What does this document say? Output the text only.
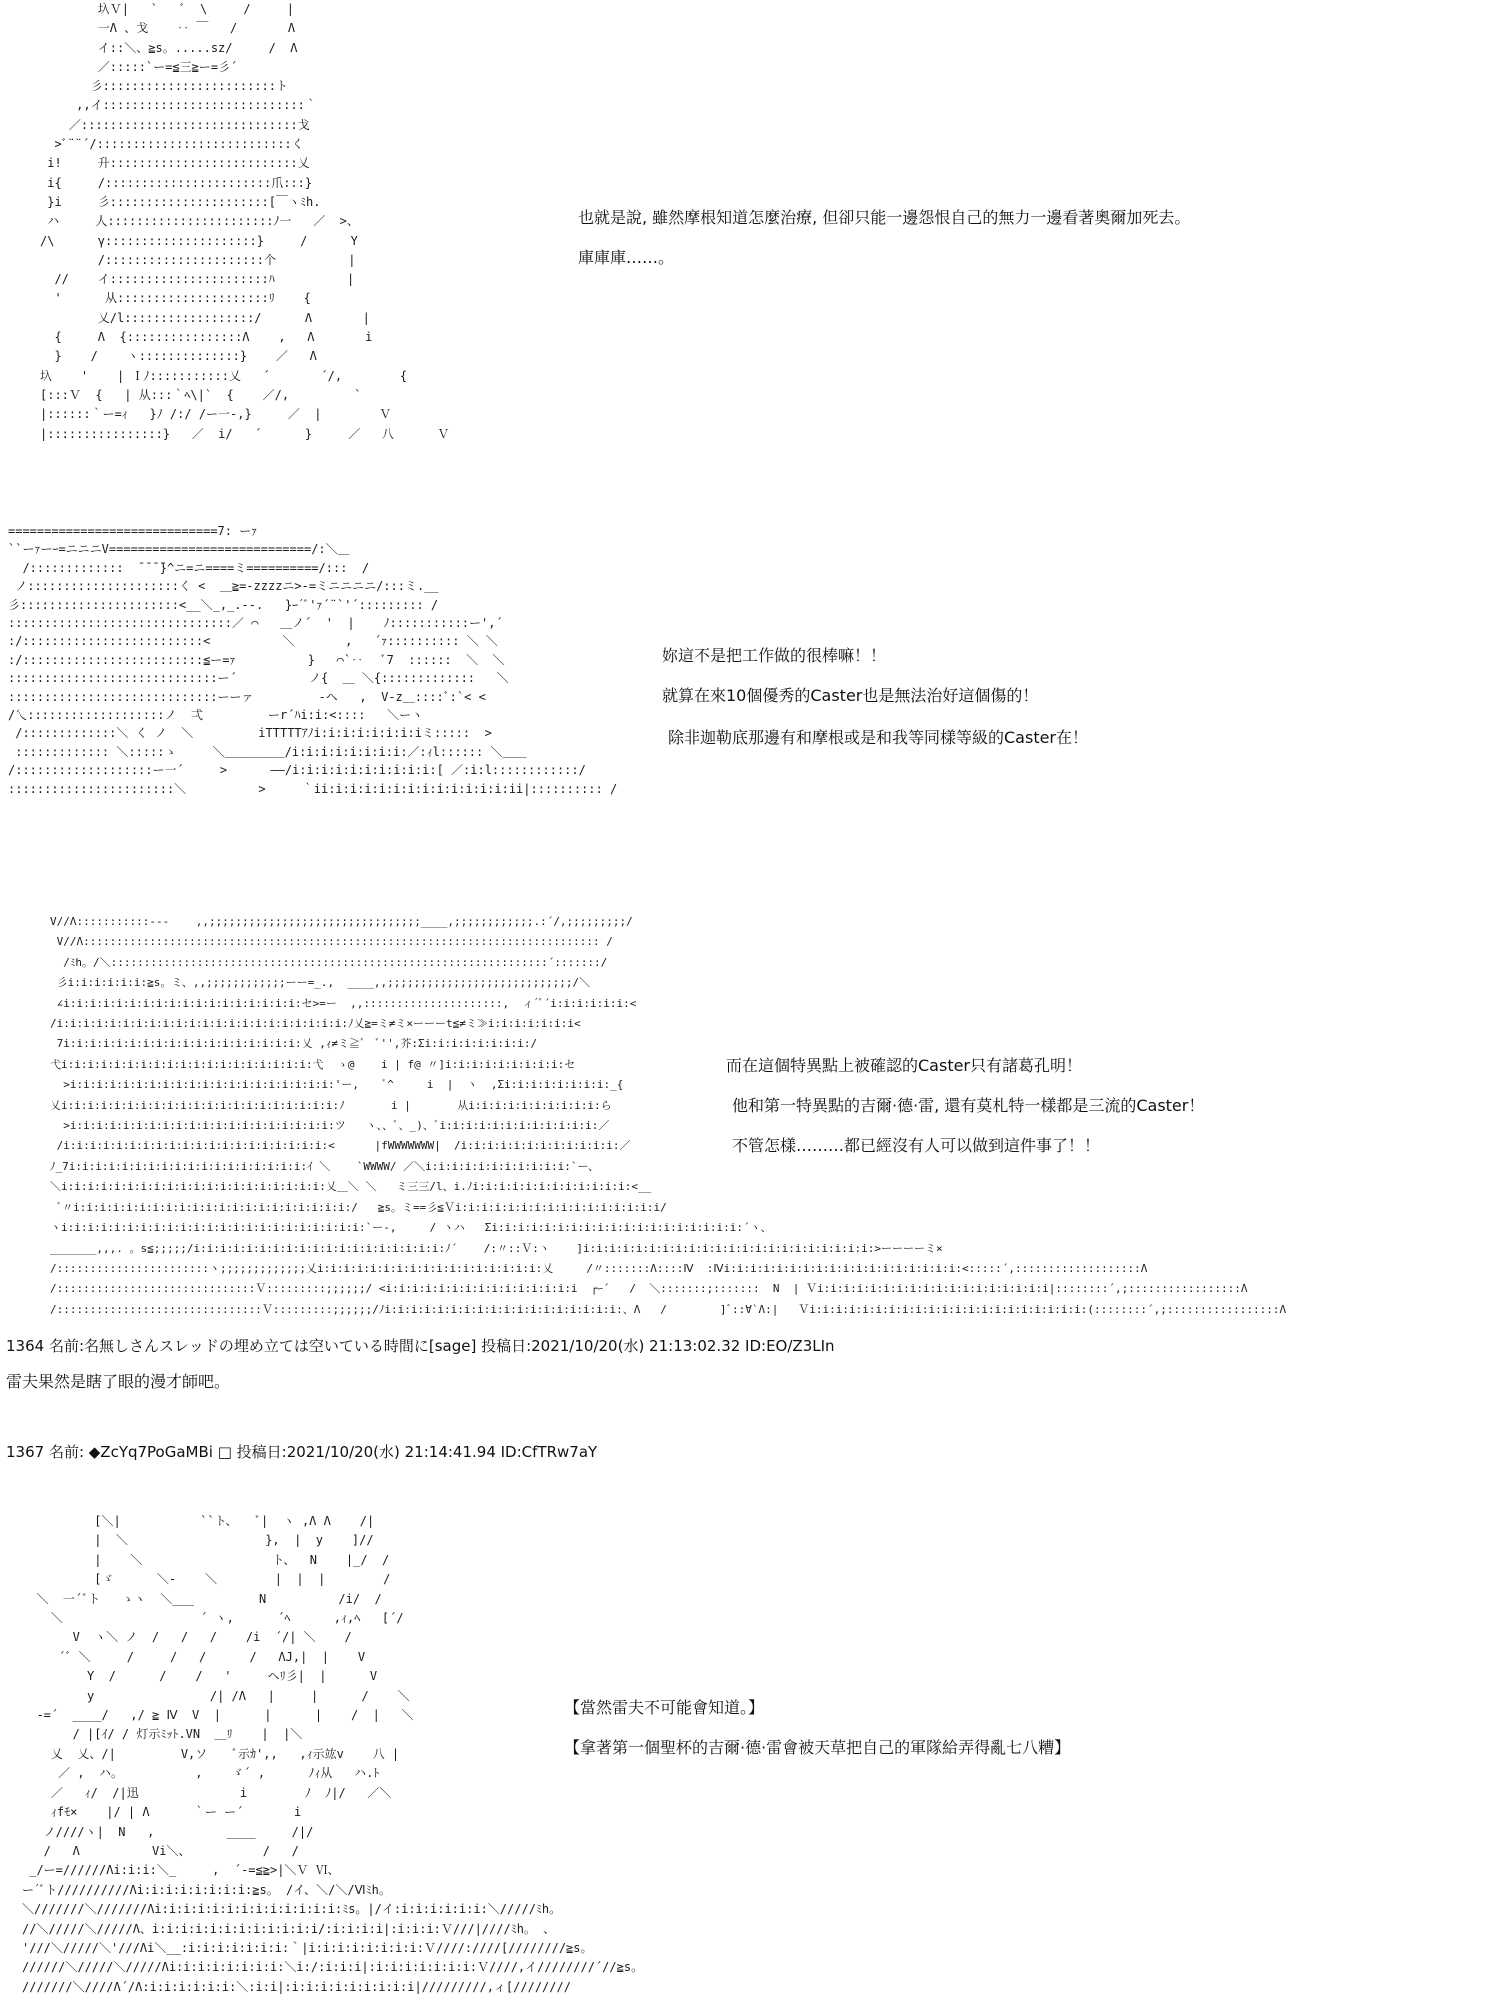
圦Ｖ|   `   ﾞ  \     /     |
一Λ 、戈    ‥ ￣   /       Λ
イ::＼、≧s。.....sz/     /  Λ
／:::::`ー=≦三≧ー=彡´
彡::::::::::::::::::::::::ト
,,イ::::::::::::::::::::::::::::｀
／::::::::::::::::::::::::::::::戈
>ﾞ¨¨´/:::::::::::::::::::::::::::く
i!     升::::::::::::::::::::::::::乂
i{     /:::::::::::::::::::::::爪:::}
}i     彡::::::::::::::::::::::[￣ヽﾐh.
ハ     人:::::::::::::::::::::::ﾉ一   ／  >、
/\      γ:::::::::::::::::::::}     /      Y
/::::::::::::::::::::::个          |
//    イ::::::::::::::::::::::ﾊ          |
'      从:::::::::::::::::::::ﾘ    {
乂/l::::::::::::::::::/      Λ       |
{     Λ  {::::::::::::::::Λ    ,   Λ       i
}    /    ヽ::::::::::::::}    ／   Λ
圦    '    | Ｉﾉ:::::::::::乂   ´       ´/,        {
[:::Ｖ  {   | 从:::｀ﾍ\|`  {    ／/,         `
|::::::｀ー=ｨ   }ﾉ /:/ /ー一-,}     ／  |        Ｖ
|::::::::::::::::}   ／  i/   ´      }     ／   八      Ｖ
也就是說, 雖然摩根知道怎麼治療, 但卻只能一邊怨恨自己的無力一邊看著奧爾加死去。
庫庫庫……。
=============================7: ーｧ
``ーｧーｰ=ニニニV============================/:＼＿
/:::::::::::::  ̄ ̄ ̄ ̄}^ニ=ニ====ミ==========/:::  /
ノ:::::::::::::::::::::く <  ＿≧=-zzzzニ>-=ミニニニニ/:::ミ.__
彡::::::::::::::::::::::<__＼_,_.--.   }ｰ´ﾞ'ｧ´¨`'´::::::::: /
:::::::::::::::::::::::::::::::／ ⌒   ＿ノ´  '  |    ﾉ:::::::::::ー',´
:/:::::::::::::::::::::::::<          ＼       ,   ´ｧ:::::::::: ＼ ＼
:/:::::::::::::::::::::::::≦ー=ｧ          }   ⌒`‥   ﾞ7  ::::::  ＼  ＼
:::::::::::::::::::::::::::::ー´          ノ{  ＿ ＼{:::::::::::::   ＼
:::::::::::::::::::::::::::::ーーァ         -ヘ   ,  V-z＿::::ﾞ:`< <
/乀:::::::::::::::::::ノ  弌         ーr´ﾊi:i:<::::   ＼ーヽ
/:::::::::::::＼ く ノ  ＼         iTTTTTｱﾉi:i:i:i:i:i:i:iミ:::::  >
::::::::::::: ＼:::::ゝ     ＼＿＿＿＿＿/i:i:i:i:i:i:i:i:／:ｨl:::::: ＼＿＿
/:::::::::::::::::::ー一´     >      ――/i:i:i:i:i:i:i:i:i:i:[ ／:i:l::::::::::::/
:::::::::::::::::::::::＼          >     ｀ii:i:i:i:i:i:i:i:i:i:i:i:i:ii|:::::::::: /
妳這不是把工作做的很棒嘛！！
就算在來10個優秀的Caster也是無法治好這個傷的！
除非迦勒底那邊有和摩根或是和我等同樣等級的Caster在！
V//Λ:::::::::::---    ,,;;;;;;;;;;;;;;;;;;;;;;;;;;;;;;;;____,;;;;;;;;;;;;.:´/,;;;;;;;;;/
V//Λ:::::::::::::::::::::::::::::::::::::::::::::::::::::::::::::::::::::::::::::: /
/ﾐh。/＼::::::::::::::::::::::::::::::::::::::::::::::::::::::::::::::::::´:::::::/
彡i:i:i:i:i:i:≧s。ミ、,,;;;;;;;;;;;;ーー=_.,  ____,,;;;;;;;;;;;;;;;;;;;;;;;;;;;;/＼
∠i:i:i:i:i:i:i:i:i:i:i:i:i:i:i:i:i:i:セ>=ー  ,,:::::::::::::::::::::,  ィ´ﾞ´i:i:i:i:i:i:<
/i:i:i:i:i:i:i:i:i:i:i:i:i:i:i:i:i:i:i:i:i:i:ﾉ乂≧=ミ≠ミ×ーーーt≦≠ミ≫i:i:i:i:i:i:i<
7i:i:i:i:i:i:i:i:i:i:i:i:i:i:i:i:i:i:乂 ,ｨ≠ミ≧ﾞ  ﾞ'',芥:Σi:i:i:i:i:i:i:i:/
弋i:i:i:i:i:i:i:i:i:i:i:i:i:i:i:i:i:i:i:弋  ゝ@    i | f@ 〃]i:i:i:i:i:i:i:i:i:セ
>i:i:i:i:i:i:i:i:i:i:i:i:i:i:i:i:i:i:i:i:'ー,    ﾞ^     i  |  ヽ  ,Σi:i:i:i:i:i:i:i:_{
乂i:i:i:i:i:i:i:i:i:i:i:i:i:i:i:i:i:i:i:i:i:ﾉ       i |       从i:i:i:i:i:i:i:i:i:i:ら
>i:i:i:i:i:i:i:i:i:i:i:i:i:i:i:i:i:i:i:i:ツ   ヽ、、ﾞ、_)、ﾞi:i:i:i:i:i:i:i:i:i:i:i:／
/i:i:i:i:i:i:i:i:i:i:i:i:i:i:i:i:i:i:i:i:<      |fWWWWWWW|  /i:i:i:i:i:i:i:i:i:i:i:i:／
ﾉ_7i:i:i:i:i:i:i:i:i:i:i:i:i:i:i:i:i:i:ｲ ＼    `WWWW/ ／＼i:i:i:i:i:i:i:i:i:i:i:`ー、
＼i:i:i:i:i:i:i:i:i:i:i:i:i:i:i:i:i:i:i:i:乂＿＼ ＼   ミ三三/l、i.ﾉi:i:i:i:i:i:i:i:i:i:i:i:<__
ﾞ〃i:i:i:i:i:i:i:i:i:i:i:i:i:i:i:i:i:i:i:i:i:/   ≧s。ミ==彡≦Ｖi:i:i:i:i:i:i:i:i:i:i:i:i:i:i:i/
ヽi:i:i:i:i:i:i:i:i:i:i:i:i:i:i:i:i:i:i:i:i:i:i:`ー-,     / ヽハ   Σi:i:i:i:i:i:i:i:i:i:i:i:i:i:i:i:i:i:i:´ヽ、
_______,,,. 。s≦;;;;;/i:i:i:i:i:i:i:i:i:i:i:i:i:i:i:i:i:i:i:ﾉ´    /:〃::Ｖ:ヽ    ]i:i:i:i:i:i:i:i:i:i:i:i:i:i:i:i:i:i:i:i:i:i:>ーーーーミ×
/:::::::::::::::::::::::ヽ;;;;;;;;;;;;;乂i:i:i:i:i:i:i:i:i:i:i:i:i:i:i:i:i:乂     /〃:::::::Λ::::Ⅳ  :Ⅳi:i:i:i:i:i:i:i:i:i:i:i:i:i:i:i:i:i:<:::::´,:::::::::::::::::::Λ
/::::::::::::::::::::::::::::::Ｖ:::::::::;;;;;;/ <i:i:i:i:i:i:i:i:i:i:i:i:i:i:i  ┌ｰ´   /  ＼:::::::;:::::::  N  | Ｖi:i:i:i:i:i:i:i:i:i:i:i:i:i:i:i:i:i|::::::::´,;:::::::::::::::::Λ
/:::::::::::::::::::::::::::::::Ｖ:::::::::;;;;;;/ﾉi:i:i:i:i:i:i:i:i:i:i:i:i:i:i:i:i:i:、Λ   /        ]ﾞ::∀`Λ:|   Ｖi:i:i:i:i:i:i:i:i:i:i:i:i:i:i:i:i:i:i:i:i:(::::::::´,;:::::::::::::::::Λ
而在這個特異點上被確認的Caster只有諸葛孔明！
他和第一特異點的吉爾·德·雷, 還有莫札特一樣都是三流的Caster！
不管怎樣………都已經沒有人可以做到這件事了！！
1364 名前:名無しさんスレッドの埋め立ては空いている時間に[sage] 投稿日:2021/10/20(水) 21:13:02.32 ID:EO/Z3LIn
雷夫果然是瞎了眼的漫才師吧。
1367 名前: ◆ZcYq7PoGaMBi □ 投稿日:2021/10/20(水) 21:14:41.94 ID:CfTRw7aY
[＼|           ``ト、   ﾞ|  ヽ ,Λ Λ    /|
|  ＼                   },  |  y    ]//
|    ＼                  ト、  N    |_/  /
[ゞ      ＼-    ＼        |  |  |        /
＼  一´ﾞト   ゝヽ  ＼___         N          /i/  /
＼                   ´ ヽ,      ´ﾍ      ,ｨ,ﾍ   [´/
V  ヽ＼ ノ  /   /   /    /i  ´/| ＼    /
´ﾞ ＼     /     /   /      /   ΛJ,|  |    V
Y  /      /    /   '     ヘﾘ彡|  |      V
y                /| /Λ   |     |      /    ＼
-=´  ____/   ,/ ≧ Ⅳ  V  |      |      |    /  |   ＼
/ |[ｲ/ / 灯示ﾐｯﾄ.VN  ＿ﾘ    |  |＼
乂  乂、/|         V,ソ    ﾞ示ｶ',,   ,ｨ示竑v    八 |
／ ,  ハ。          ,    ゞ´ ,      ﾉｨ从   ハ.ﾄ
／   ｨ/  /|迅              i        ﾉ  ﾉ|/   ／＼
ｨfﾓ×    |/ | Λ      ｀ー ー´       i
ノ////ヽ|  N   ,          ____     /|/
/   Λ          Vi＼、          /   /
_/ー=//////Λi:i:i:＼_     ,  ´-=≦≧>|＼Ｖ Ⅵ、
ー´ﾞト//////////Λi:i:i:i:i:i:i:i:≧s。 /イ、＼/＼/Ⅵﾐh。
＼///////＼///////Λi:i:i:i:i:i:i:i:i:i:i:i:i:ﾐs。|/イ:i:i:i:i:i:i:＼/////ﾐh。
//＼/////＼/////Λ、i:i:i:i:i:i:i:i:i:i:i:i/:i:i:i:i|:i:i:i:Ｖ///|////ﾐh。 、
'///＼/////＼'///Λi＼__:i:i:i:i:i:i:i:｀|i:i:i:i:i:i:i:i:Ｖ////:////[////////≧s。
//////＼/////＼/////Λi:i:i:i:i:i:i:i:＼i:/:i:i:i|:i:i:i:i:i:i:i:Ｖ////,イ////////´//≧s。
///////＼////Λ´/Λ:i:i:i:i:i:i:＼:i:i|:i:i:i:i:i:i:i:i:i|/////////,ィ[////////
【當然雷夫不可能會知道。】
【拿著第一個聖杯的吉爾·德·雷會被天草把自己的軍隊給弄得亂七八糟】
